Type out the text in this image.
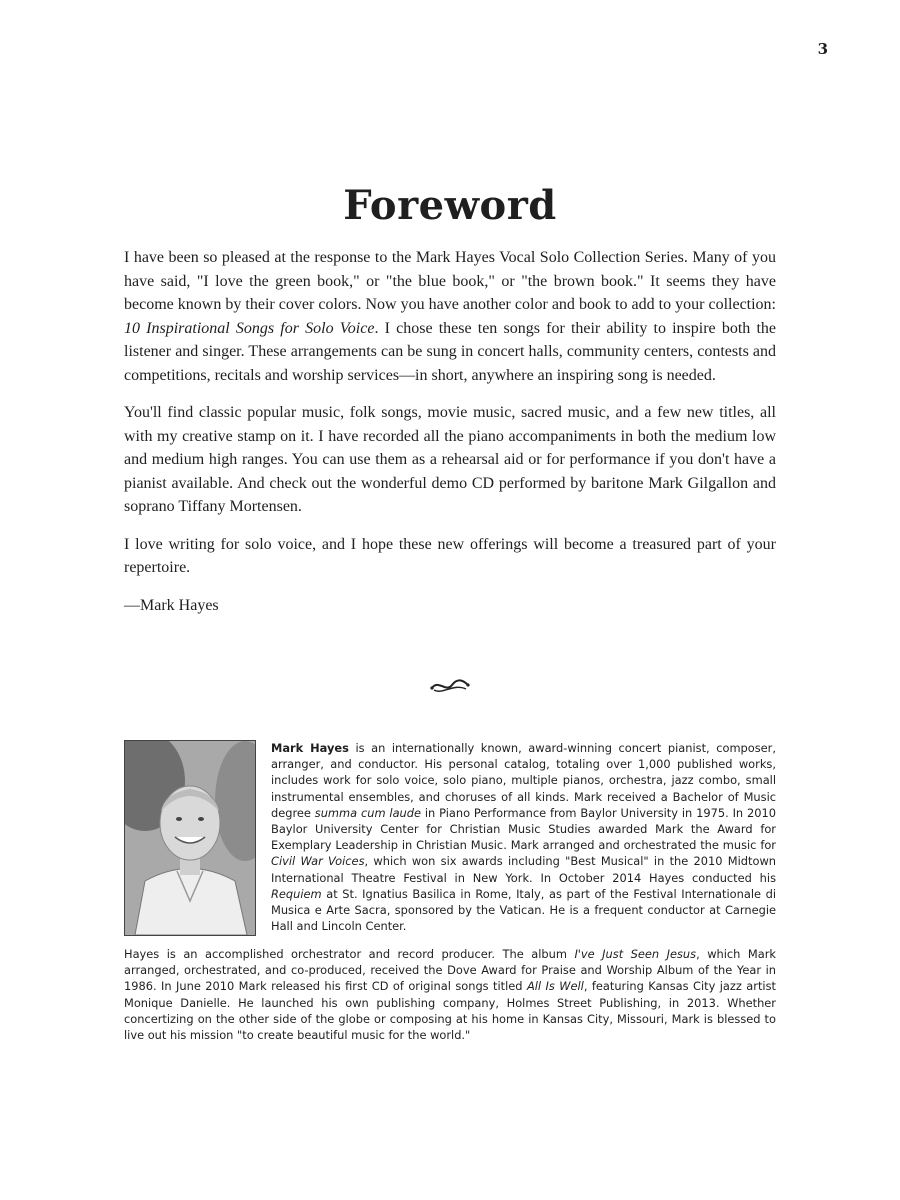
3
Foreword

I have been so pleased at the response to the Mark Hayes Vocal Solo Collection Series. Many of you have said, "I love the green book," or "the blue book," or "the brown book." It seems they have become known by their cover colors. Now you have another color and book to add to your collection: 10 Inspirational Songs for Solo Voice. I chose these ten songs for their ability to inspire both the listener and singer. These arrangements can be sung in concert halls, community centers, contests and competitions, recitals and worship services—in short, anywhere an inspiring song is needed.

You'll find classic popular music, folk songs, movie music, sacred music, and a few new titles, all with my creative stamp on it. I have recorded all the piano accompaniments in both the medium low and medium high ranges. You can use them as a rehearsal aid or for performance if you don't have a pianist available. And check out the wonderful demo CD performed by baritone Mark Gilgallon and soprano Tiffany Mortensen.

I love writing for solo voice, and I hope these new offerings will become a treasured part of your repertoire.

—Mark Hayes

Mark Hayes is an internationally known, award-winning concert pianist, composer, arranger, and conductor. His personal catalog, totaling over 1,000 published works, includes work for solo voice, solo piano, multiple pianos, orchestra, jazz combo, small instrumental ensembles, and choruses of all kinds. Mark received a Bachelor of Music degree summa cum laude in Piano Performance from Baylor University in 1975. In 2010 Baylor University Center for Christian Music Studies awarded Mark the Award for Exemplary Leadership in Christian Music. Mark arranged and orchestrated the music for Civil War Voices, which won six awards including "Best Musical" in the 2010 Midtown International Theatre Festival in New York. In October 2014 Hayes conducted his Requiem at St. Ignatius Basilica in Rome, Italy, as part of the Festival Internationale di Musica e Arte Sacra, sponsored by the Vatican. He is a frequent conductor at Carnegie Hall and Lincoln Center.

Hayes is an accomplished orchestrator and record producer. The album I've Just Seen Jesus, which Mark arranged, orchestrated, and co-produced, received the Dove Award for Praise and Worship Album of the Year in 1986. In June 2010 Mark released his first CD of original songs titled All Is Well, featuring Kansas City jazz artist Monique Danielle. He launched his own publishing company, Holmes Street Publishing, in 2013. Whether concertizing on the other side of the globe or composing at his home in Kansas City, Missouri, Mark is blessed to live out his mission "to create beautiful music for the world."
